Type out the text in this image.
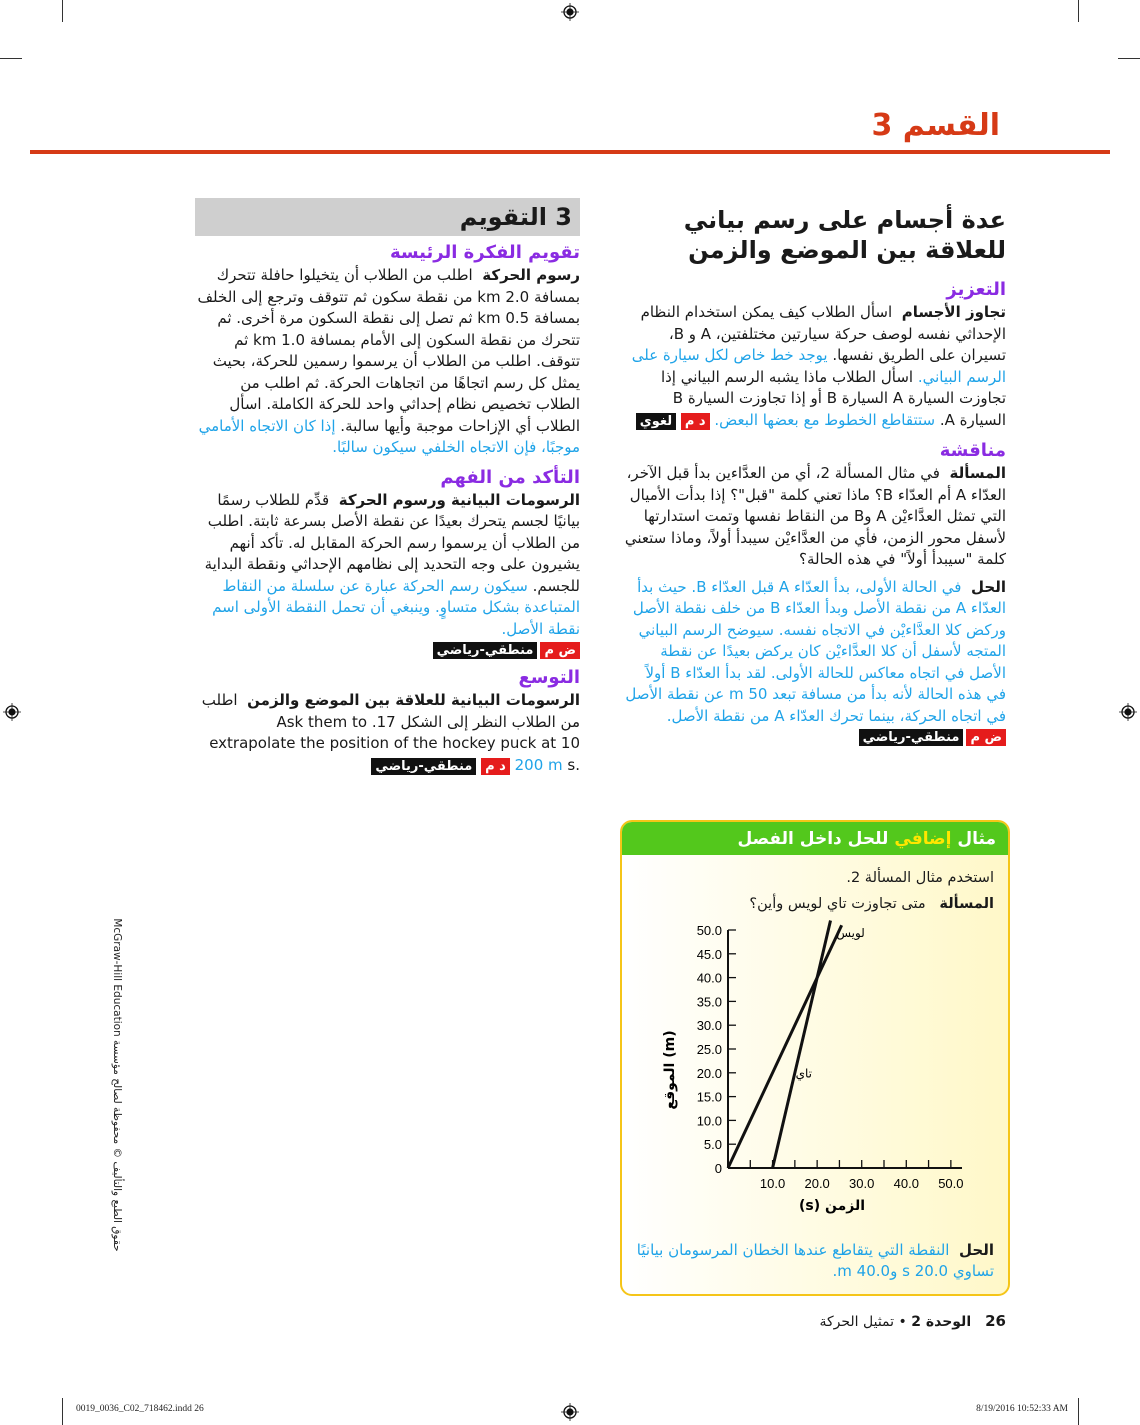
القسم 3
عدة أجسام على رسم بياني
للعلاقة بين الموضع والزمن
التعزيز

تجاوز الأجسام  اسأل الطلاب كيف يمكن استخدام النظام الإحداثي نفسه لوصف حركة سيارتين مختلفتين، A و B، تسيران على الطريق نفسها. يوجد خط خاص لكل سيارة على الرسم البياني. اسأل الطلاب ماذا يشبه الرسم البياني إذا تجاوزت السيارة A السيارة B أو إذا تجاوزت السيارة B السيارة A. ستتقاطع الخطوط مع بعضها البعض. د م لغوي

مناقشة

المسألة  في مثال المسألة 2، أي من العدَّاءين بدأ قبل الآخر، العدّاء A أم العدّاء B؟ ماذا تعني كلمة "قبل"؟ إذا بدأت الأميال التي تمثل العدَّاءيْن A وB من النقاط نفسها وتمت استدارتها لأسفل محور الزمن، فأي من العدَّاءيْن سيبدأ أولاً، وماذا ستعني كلمة "سيبدأ أولاً" في هذه الحالة؟

الحل  في الحالة الأولى، بدأ العدّاء A قبل العدّاء B. حيث بدأ العدّاء A من نقطة الأصل وبدأ العدّاء B من خلف نقطة الأصل وركض كلا العدَّاءيْن في الاتجاه نفسه. سيوضح الرسم البياني المتجه لأسفل أن كلا العدَّاءيْن كان يركض بعيدًا عن نقطة الأصل في اتجاه معاكس للحالة الأولى. لقد بدأ العدّاء B أولاً في هذه الحالة لأنه بدأ من مسافة تبعد 50 m عن نقطة الأصل في اتجاه الحركة، بينما تحرك العدّاء A من نقطة الأصل.

ض م
منطقي-رياضي
مثال
إضافي
للحل داخل الفصل

استخدم مثال المسألة 2.

المسألة   متى تجاوزت تاي لويس وأين؟

0
5.0
10.0
15.0
20.0
25.0
30.0
35.0
40.0
45.0
50.0
10.0 20.0 30.0 40.0 50.0
لويس
تاي
الموقع (m)
الزمن (s)
الحل  النقطة التي يتقاطع عندها الخطان المرسومان بيانيًا تساوي 20.0 s و40.0 m.
3 التقويم
تقويم الفكرة الرئيسة

رسوم الحركة  اطلب من الطلاب أن يتخيلوا حافلة تتحرك بمسافة 2.0 km من نقطة سكون ثم تتوقف وترجع إلى الخلف بمسافة 0.5 km ثم تصل إلى نقطة السكون مرة أخرى. ثم تتحرك من نقطة السكون إلى الأمام بمسافة 1.0 km ثم تتوقف. اطلب من الطلاب أن يرسموا رسمين للحركة، بحيث يمثل كل رسم اتجاهًا من اتجاهات الحركة. ثم اطلب من الطلاب تخصيص نظام إحداثي واحد للحركة الكاملة. اسأل الطلاب أي الإزاحات موجبة وأيها سالبة. إذا كان الاتجاه الأمامي موجبًا، فإن الاتجاه الخلفي سيكون سالبًا.

التأكد من الفهم

الرسومات البيانية ورسوم الحركة  قدِّم للطلاب رسمًا بيانيًا لجسم يتحرك بعيدًا عن نقطة الأصل بسرعة ثابتة. اطلب من الطلاب أن يرسموا رسم الحركة المقابل له. تأكد أنهم يشيرون على وجه التحديد إلى نظامهم الإحداثي ونقطة البداية للجسم. سيكون رسم الحركة عبارة عن سلسلة من النقاط المتباعدة بشكل متساوٍ. وينبغي أن تحمل النقطة الأولى اسم نقطة الأصل.

ض م
منطقي-رياضي
التوسع

الرسومات البيانية للعلاقة بين الموضع والزمن  اطلب من الطلاب النظر إلى الشكل 17. Ask them to extrapolate the position of the hockey puck at 10 s. 200 m د م منطقي-رياضي

حقوق الطبع والتأليف © محفوظة لصالح مؤسسة McGraw-Hill Education
26
الوحدة 2 • تمثيل الحركة
0019_0036_C02_718462.indd 26	8/19/2016 10:52:33 AM
